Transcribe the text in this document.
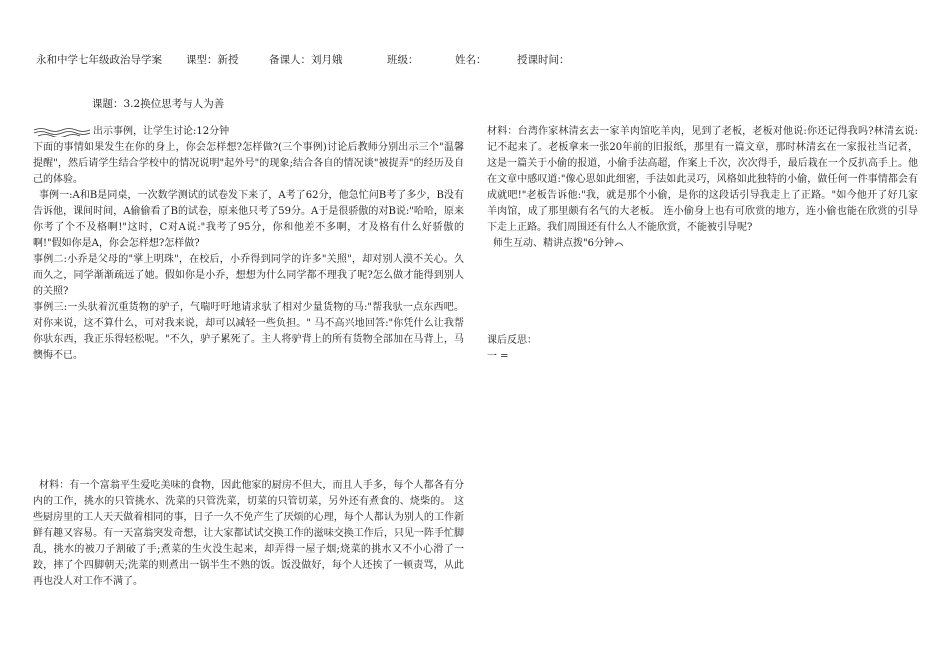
永和中学七年级政治导学案 课型：新授	备课人：刘月娥	班级：	姓名：	授课时间：
课题：3.2换位思考与人为善

出示事例，让学生讨论:12分钟

下面的事情如果发生在你的身上，你会怎样想?怎样做?(三个事例)讨论后教师分别出示三个"温馨提醒"，然后请学生结合学校中的情况说明"起外号"的现象;结合各自的情况谈"被捉弄"的经历及自己的体验。

事例一:A和B是同桌，一次数学测试的试卷发下来了，A考了62分，他急忙问B考了多少，B没有告诉他，课间时间，A偷偷看了B的试卷，原来他只考了59分。A于是很骄傲的对B说:"哈哈，原来你考了个不及格啊!"这时，C对A说:"我考了95分，你和他差不多啊，才及格有什么好骄傲的啊!"假如你是A，你会怎样想?怎样做?

事例二:小乔是父母的"掌上明珠"，在校后，小乔得到同学的许多"关照"，却对别人漠不关心。久而久之，同学渐渐疏远了她。假如你是小乔，想想为什么同学都不理我了呢?怎么做才能得到别人的关照?

事例三:一头驮着沉重货物的驴子，气喘吁吁地请求驮了相对少量货物的马:"帮我驮一点东西吧。对你来说，这不算什么，可对我来说，却可以减轻一些负担。" 马不高兴地回答:"你凭什么让我帮你驮东西，我正乐得轻松呢。"不久，驴子累死了。主人将驴背上的所有货物全部加在马背上，马懊悔不已。

材料：有一个富翁平生爱吃美味的食物，因此他家的厨房不但大，而且人手多，每个人都各有分内的工作，挑水的只管挑水、洗菜的只管洗菜，切菜的只管切菜，另外还有煮食的、烧柴的。 这些厨房里的工人天天做着相同的事，日子一久不免产生了厌烦的心理，每个人都认为别人的工作新鲜有趣又容易。有一天富翁突发奇想，让大家都试试交换工作的滋味交换工作后，只见一阵手忙脚乱，挑水的被刀子割破了手;煮菜的生火没生起来，却弄得一屋子烟;烧菜的挑水又不小心滑了一跤，摔了个四脚朝天;洗菜的则煮出一锅半生不熟的饭。饭没做好，每个人还挨了一顿责骂，从此再也没人对工作不满了。

材料：台湾作家林清玄去一家羊肉馆吃羊肉，见到了老板，老板对他说:你还记得我吗?林清玄说:记不起来了。老板拿来一张20年前的旧报纸，那里有一篇文章，那时林清玄在一家报社当记者，这是一篇关于小偷的报道，小偷手法高超，作案上千次，次次得手，最后栽在一个反扒高手上。他在文章中感叹道:"像心思如此细密，手法如此灵巧，风格如此独特的小偷，做任何一件事情都会有成就吧!"老板告诉他:"我，就是那个小偷，是你的这段话引导我走上了正路。"如今他开了好几家羊肉馆，成了那里颇有名气的大老板。 连小偷身上也有可欣赏的地方，连小偷也能在欣赏的引导下走上正路。我们周围还有什么人不能欣赏，不能被引导呢?

师生互动、精讲点拨"6分钟

课后反思：

一 =
